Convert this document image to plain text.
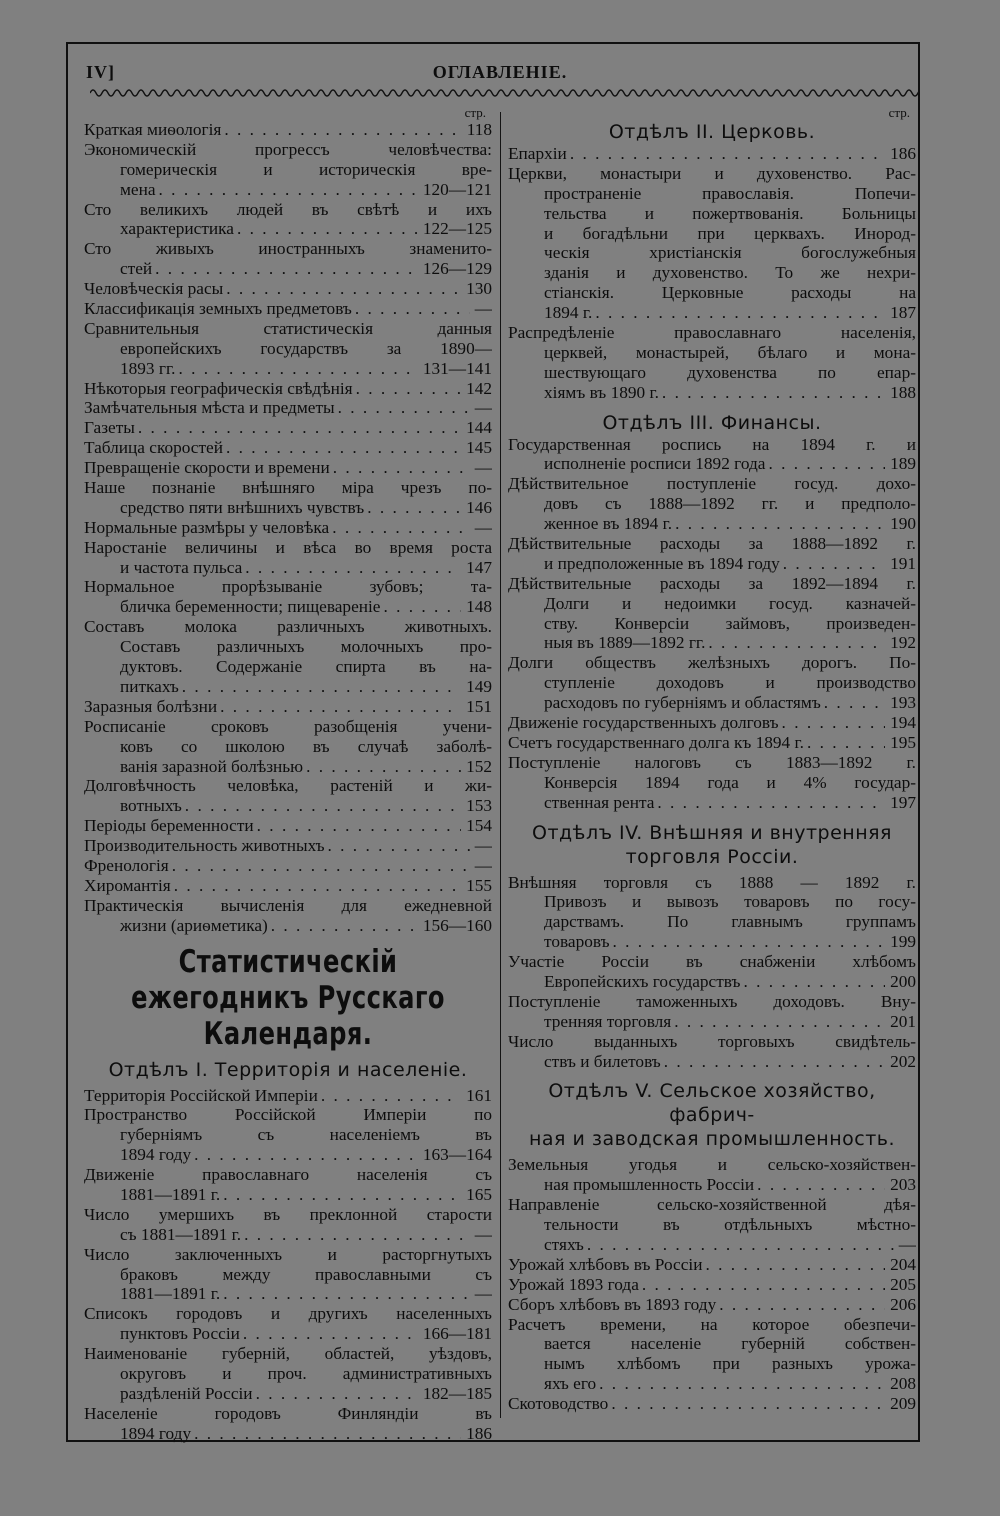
IV]	ОГЛАВЛЕНІЕ.
стр.
Краткая миѳологія . . .	118
Экономическій прогрессъ человѣчества:
гомерическія и историческія вре-
мена . . .	120—121
Сто великихъ людей въ свѣтѣ и ихъ
характеристика . . .	122—125
Сто живыхъ иностранныхъ знаменито-
стей . . .	126—129
Человѣческія расы . . .	130
Классификація земныхъ предметовъ . . .	—
Сравнительныя статистическія данныя
европейскихъ государствъ за 1890—
1893 гг. . . .	131—141
Нѣкоторыя географическія свѣдѣнія . . .	142
Замѣчательныя мѣста и предметы . . .	—
Газеты . . .	144
Таблица скоростей . . .	145
Превращеніе скорости и времени . . .	—
Наше познаніе внѣшняго міра чрезъ по-
средство пяти внѣшнихъ чувствъ . . .	146
Нормальные размѣры у человѣка . . .	—
Наростаніе величины и вѣса во время роста
и частота пульса . . .	147
Нормальное прорѣзываніе зубовъ; та-
бличка беременности; пищевареніе . . .	148
Составъ молока различныхъ животныхъ.
Составъ различныхъ молочныхъ про-
дуктовъ. Содержаніе спирта въ на-
питкахъ . . .	149
Заразныя болѣзни . . .	151
Росписаніе сроковъ разобщенія учени-
ковъ со школою въ случаѣ заболѣ-
ванія заразной болѣзнью . . .	152
Долговѣчность человѣка, растеній и жи-
вотныхъ . . .	153
Періоды беременности . . .	154
Производительность животныхъ . . .	—
Френологія . . .	—
Хиромантія . . .	155
Практическія вычисленія для ежедневной
жизни (ариѳметика) . . .	156—160
Статистическій ежегодникъ Русскаго
Календаря.
Отдѣлъ I. Территорія и населеніе.
Территорія Россійской Имперіи . . .	161
Пространство Россійской Имперіи по
губерніямъ съ населеніемъ въ
1894 году . . .	163—164
Движеніе православнаго населенія съ
1881—1891 г. . . .	165
Число умершихъ въ преклонной старости
съ 1881—1891 г. . . .	—
Число заключенныхъ и расторгнутыхъ
браковъ между православными съ
1881—1891 г. . . .	—
Списокъ городовъ и другихъ населенныхъ
пунктовъ Россіи . . .	166—181
Наименованіе губерній, областей, уѣздовъ,
округовъ и проч. административныхъ
раздѣленій Россіи . . .	182—185
Населеніе городовъ Финляндіи въ
1894 году . . .	186
стр.
Отдѣлъ II. Церковь.
Епархіи . . .	186
Церкви, монастыри и духовенство. Рас-
пространеніе православія. Попечи-
тельства и пожертвованія. Больницы
и богадѣльни при церквахъ. Инород-
ческія христіанскія богослужебныя
зданія и духовенство. То же нехри-
стіанскія. Церковные расходы на
1894 г. . . .	187
Распредѣленіе православнаго населенія,
церквей, монастырей, бѣлаго и мона-
шествующаго духовенства по епар-
хіямъ въ 1890 г. . . .	188
Отдѣлъ III. Финансы.
Государственная роспись на 1894 г. и
исполненіе росписи 1892 года . . .	189
Дѣйствительное поступленіе госуд. дохо-
довъ съ 1888—1892 гг. и предполо-
женное въ 1894 г. . . .	190
Дѣйствительные расходы за 1888—1892 г.
и предположенные въ 1894 году . . .	191
Дѣйствительные расходы за 1892—1894 г.
Долги и недоимки госуд. казначей-
ству. Конверсіи займовъ, произведен-
ныя въ 1889—1892 гг. . . .	192
Долги обществъ желѣзныхъ дорогъ. По-
ступленіе доходовъ и производство
расходовъ по губерніямъ и областямъ . . .	193
Движеніе государственныхъ долговъ . . .	194
Счетъ государственнаго долга къ 1894 г. . . .	195
Поступленіе налоговъ съ 1883—1892 г.
Конверсія 1894 года и 4% государ-
ственная рента . . .	197
Отдѣлъ IV. Внѣшняя и внутренняя
торговля Россіи.
Внѣшняя торговля съ 1888 — 1892 г.
Привозъ и вывозъ товаровъ по госу-
дарствамъ. По главнымъ группамъ
товаровъ . . .	199
Участіе Россіи въ снабженіи хлѣбомъ
Европейскихъ государствъ . . .	200
Поступленіе таможенныхъ доходовъ. Вну-
тренняя торговля . . .	201
Число выданныхъ торговыхъ свидѣтель-
ствъ и билетовъ . . .	202
Отдѣлъ V. Сельское хозяйство, фабрич-
ная и заводская промышленность.
Земельныя угодья и сельско-хозяйствен-
ная промышленность Россіи . . .	203
Направленіе сельско-хозяйственной дѣя-
тельности въ отдѣльныхъ мѣстно-
стяхъ . . .	—
Урожай хлѣбовъ въ Россіи . . .	204
Урожай 1893 года . . .	205
Сборъ хлѣбовъ въ 1893 году . . .	206
Расчетъ времени, на которое обезпечи-
вается населеніе губерній собствен-
нымъ хлѣбомъ при разныхъ урожа-
яхъ его . . .	208
Скотоводство . . .	209
